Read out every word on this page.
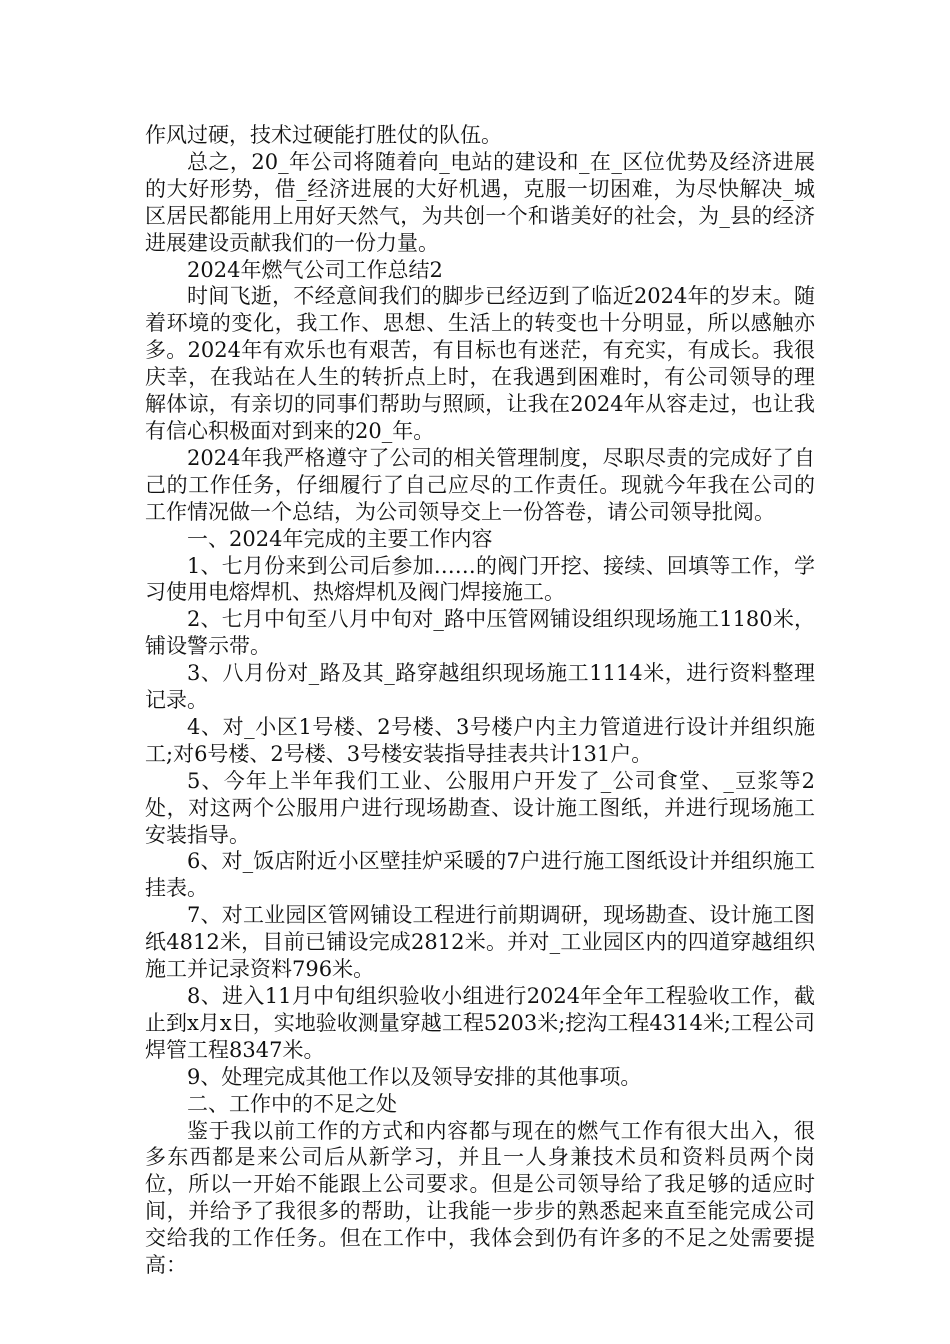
作风过硬，技术过硬能打胜仗的队伍。

总之，20_年公司将随着向_电站的建设和_在_区位优势及经济进展的大好形势，借_经济进展的大好机遇，克服一切困难，为尽快解决_城区居民都能用上用好天然气，为共创一个和谐美好的社会，为_县的经济进展建设贡献我们的一份力量。

2024年燃气公司工作总结2

时间飞逝，不经意间我们的脚步已经迈到了临近2024年的岁末。随着环境的变化，我工作、思想、生活上的转变也十分明显，所以感触亦多。2024年有欢乐也有艰苦，有目标也有迷茫，有充实，有成长。我很庆幸，在我站在人生的转折点上时，在我遇到困难时，有公司领导的理解体谅，有亲切的同事们帮助与照顾，让我在2024年从容走过，也让我有信心积极面对到来的20_年。

2024年我严格遵守了公司的相关管理制度，尽职尽责的完成好了自己的工作任务，仔细履行了自己应尽的工作责任。现就今年我在公司的工作情况做一个总结，为公司领导交上一份答卷，请公司领导批阅。

一、2024年完成的主要工作内容

1、七月份来到公司后参加……的阀门开挖、接续、回填等工作，学习使用电熔焊机、热熔焊机及阀门焊接施工。

2、七月中旬至八月中旬对_路中压管网铺设组织现场施工1180米，铺设警示带。

3、八月份对_路及其_路穿越组织现场施工1114米，进行资料整理记录。

4、对_小区1号楼、2号楼、3号楼户内主力管道进行设计并组织施工;对6号楼、2号楼、3号楼安装指导挂表共计131户。

5、今年上半年我们工业、公服用户开发了_公司食堂、_豆浆等2处，对这两个公服用户进行现场勘查、设计施工图纸，并进行现场施工安装指导。

6、对_饭店附近小区壁挂炉采暖的7户进行施工图纸设计并组织施工挂表。

7、对工业园区管网铺设工程进行前期调研，现场勘查、设计施工图纸4812米，目前已铺设完成2812米。并对_工业园区内的四道穿越组织施工并记录资料796米。

8、进入11月中旬组织验收小组进行2024年全年工程验收工作，截止到x月x日，实地验收测量穿越工程5203米;挖沟工程4314米;工程公司焊管工程8347米。

9、处理完成其他工作以及领导安排的其他事项。

二、工作中的不足之处

鉴于我以前工作的方式和内容都与现在的燃气工作有很大出入，很多东西都是来公司后从新学习，并且一人身兼技术员和资料员两个岗位，所以一开始不能跟上公司要求。但是公司领导给了我足够的适应时间，并给予了我很多的帮助，让我能一步步的熟悉起来直至能完成公司交给我的工作任务。但在工作中，我体会到仍有许多的不足之处需要提高：
